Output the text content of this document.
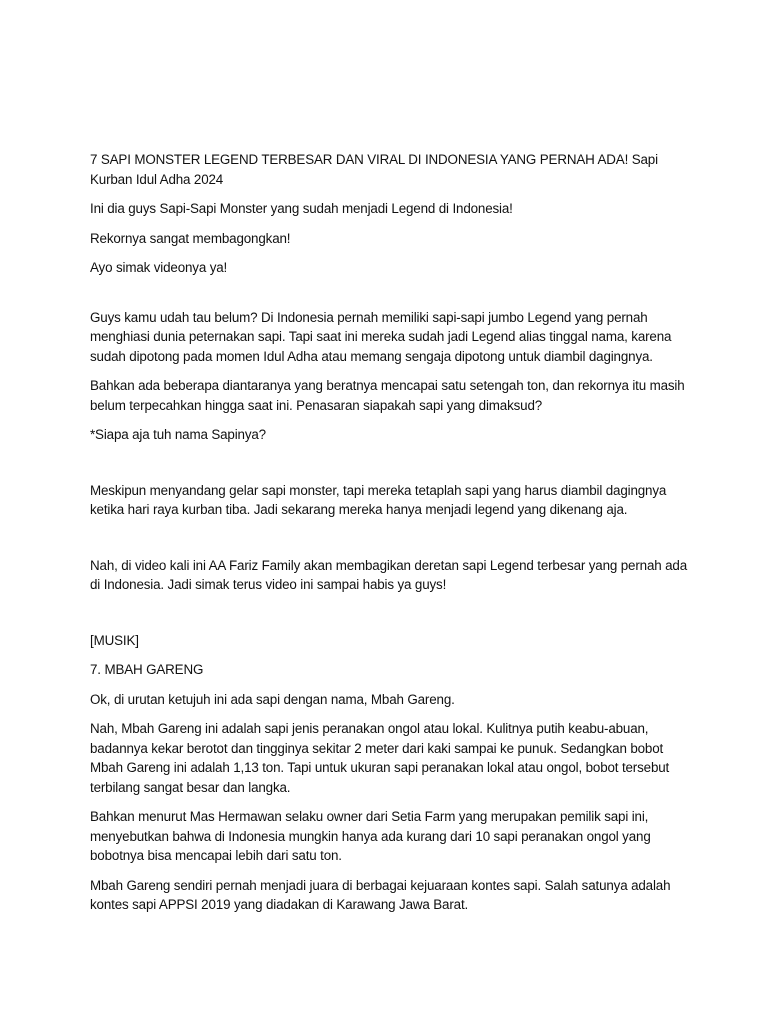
7 SAPI MONSTER LEGEND TERBESAR DAN VIRAL DI INDONESIA YANG PERNAH ADA! Sapi Kurban Idul Adha 2024

Ini dia guys Sapi-Sapi Monster yang sudah menjadi Legend di Indonesia!

Rekornya sangat membagongkan!

Ayo simak videonya ya!

Guys kamu udah tau belum? Di Indonesia pernah memiliki sapi-sapi jumbo Legend yang pernah menghiasi dunia peternakan sapi. Tapi saat ini mereka sudah jadi Legend alias tinggal nama, karena sudah dipotong pada momen Idul Adha atau memang sengaja dipotong untuk diambil dagingnya.

Bahkan ada beberapa diantaranya yang beratnya mencapai satu setengah ton, dan rekornya itu masih belum terpecahkan hingga saat ini. Penasaran siapakah sapi yang dimaksud?

*Siapa aja tuh nama Sapinya?

Meskipun menyandang gelar sapi monster, tapi mereka tetaplah sapi yang harus diambil dagingnya ketika hari raya kurban tiba. Jadi sekarang mereka hanya menjadi legend yang dikenang aja.

Nah, di video kali ini AA Fariz Family akan membagikan deretan sapi Legend terbesar yang pernah ada di Indonesia. Jadi simak terus video ini sampai habis ya guys!

[MUSIK]

7. MBAH GARENG

Ok, di urutan ketujuh ini ada sapi dengan nama, Mbah Gareng.

Nah, Mbah Gareng ini adalah sapi jenis peranakan ongol atau lokal. Kulitnya putih keabu-abuan, badannya kekar berotot dan tingginya sekitar 2 meter dari kaki sampai ke punuk. Sedangkan bobot Mbah Gareng ini adalah 1,13 ton. Tapi untuk ukuran sapi peranakan lokal atau ongol, bobot tersebut terbilang sangat besar dan langka.

Bahkan menurut Mas Hermawan selaku owner dari Setia Farm yang merupakan pemilik sapi ini, menyebutkan bahwa di Indonesia mungkin hanya ada kurang dari 10 sapi peranakan ongol yang bobotnya bisa mencapai lebih dari satu ton.

Mbah Gareng sendiri pernah menjadi juara di berbagai kejuaraan kontes sapi. Salah satunya adalah kontes sapi APPSI 2019 yang diadakan di Karawang Jawa Barat.
